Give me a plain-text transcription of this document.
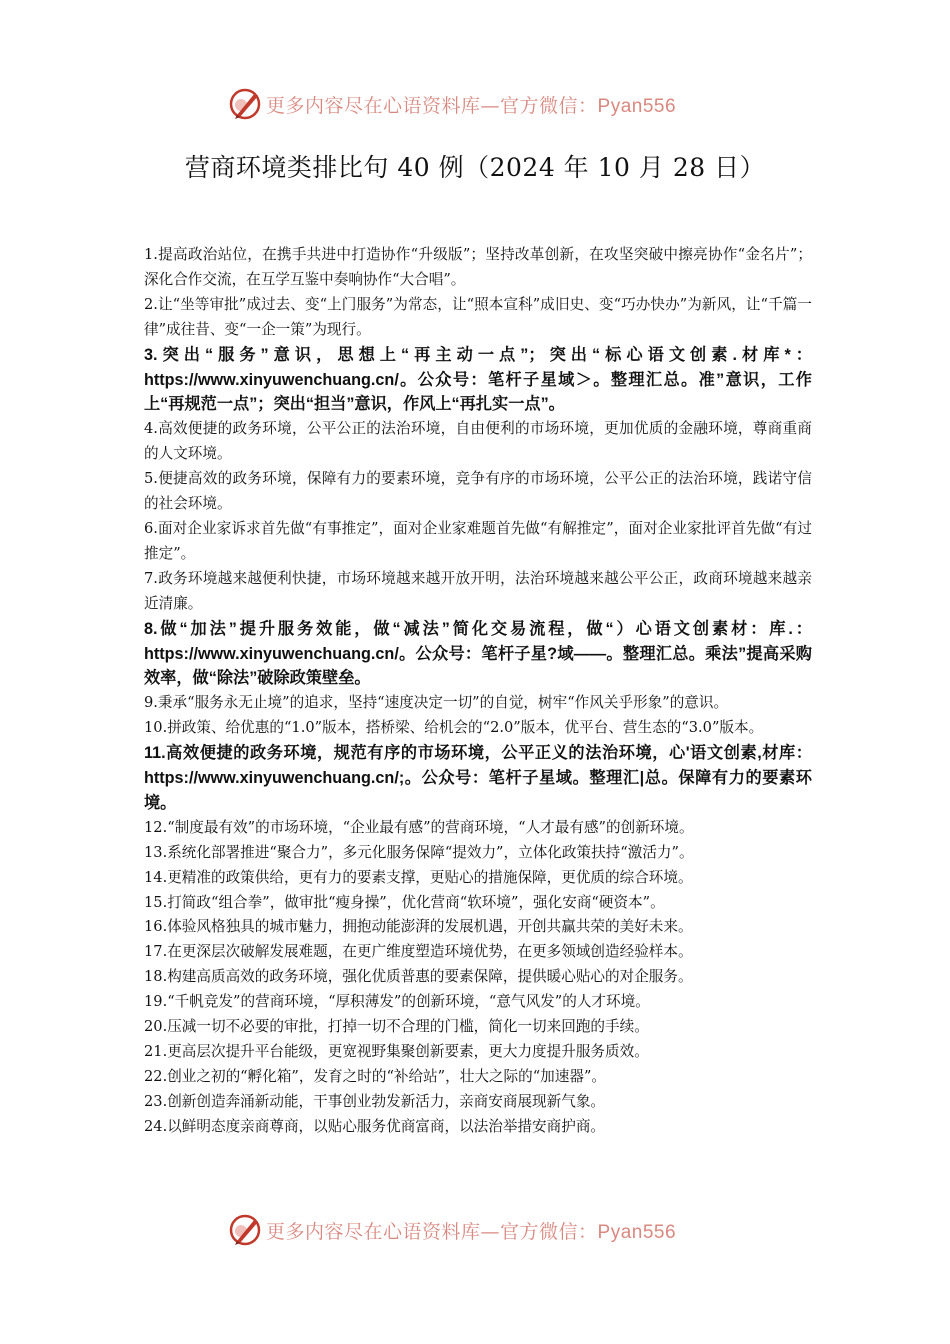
更多内容尽在心语资料库—官方微信：Pyan556
营商环境类排比句 40 例（2024 年 10 月 28 日）

1.提高政治站位，在携手共进中打造协作“升级版”；坚持改革创新，在攻坚突破中擦亮协作“金名片”；深化合作交流，在互学互鉴中奏响协作“大合唱”。

2.让“坐等审批”成过去、变“上门服务”为常态，让“照本宣科”成旧史、变“巧办快办”为新风，让“千篇一律”成往昔、变“一企一策”为现行。

3.突出“服务”意识，思想上“再主动一点”；突出“标心语文创素.材库*：https://www.xinyuwenchuang.cn/。公众号：笔杆子星域＞。整理汇总。准”意识，工作上“再规范一点”；突出“担当”意识，作风上“再扎实一点”。

4.高效便捷的政务环境，公平公正的法治环境，自由便利的市场环境，更加优质的金融环境，尊商重商的人文环境。

5.便捷高效的政务环境，保障有力的要素环境，竞争有序的市场环境，公平公正的法治环境，践诺守信的社会环境。

6.面对企业家诉求首先做“有事推定”，面对企业家难题首先做“有解推定”，面对企业家批评首先做“有过推定”。

7.政务环境越来越便利快捷，市场环境越来越开放开明，法治环境越来越公平公正，政商环境越来越亲近清廉。

8.做“加法”提升服务效能，做“减法”简化交易流程，做“）心语文创素材：库.：https://www.xinyuwenchuang.cn/。公众号：笔杆子星?域——。整理汇总。乘法”提高采购效率，做“除法”破除政策壁垒。

9.秉承“服务永无止境”的追求，坚持“速度决定一切”的自觉，树牢“作风关乎形象”的意识。

10.拼政策、给优惠的“1.0”版本，搭桥梁、给机会的“2.0”版本，优平台、营生态的“3.0”版本。

11.高效便捷的政务环境，规范有序的市场环境，公平正义的法治环境，心'语文创素,材库：https://www.xinyuwenchuang.cn/;。公众号：笔杆子星域。整理汇|总。保障有力的要素环境。

12.“制度最有效”的市场环境，“企业最有感”的营商环境，“人才最有感”的创新环境。

13.系统化部署推进“聚合力”，多元化服务保障“提效力”，立体化政策扶持“激活力”。

14.更精准的政策供给，更有力的要素支撑，更贴心的措施保障，更优质的综合环境。

15.打简政“组合拳”，做审批“瘦身操”，优化营商“软环境”，强化安商“硬资本”。

16.体验风格独具的城市魅力，拥抱动能澎湃的发展机遇，开创共赢共荣的美好未来。

17.在更深层次破解发展难题，在更广维度塑造环境优势，在更多领域创造经验样本。

18.构建高质高效的政务环境，强化优质普惠的要素保障，提供暖心贴心的对企服务。

19.“千帆竞发”的营商环境，“厚积薄发”的创新环境，“意气风发”的人才环境。

20.压减一切不必要的审批，打掉一切不合理的门槛，简化一切来回跑的手续。

21.更高层次提升平台能级，更宽视野集聚创新要素，更大力度提升服务质效。

22.创业之初的“孵化箱”，发育之时的“补给站”，壮大之际的“加速器”。

23.创新创造奔涌新动能，干事创业勃发新活力，亲商安商展现新气象。

24.以鲜明态度亲商尊商，以贴心服务优商富商，以法治举措安商护商。

更多内容尽在心语资料库—官方微信：Pyan556
